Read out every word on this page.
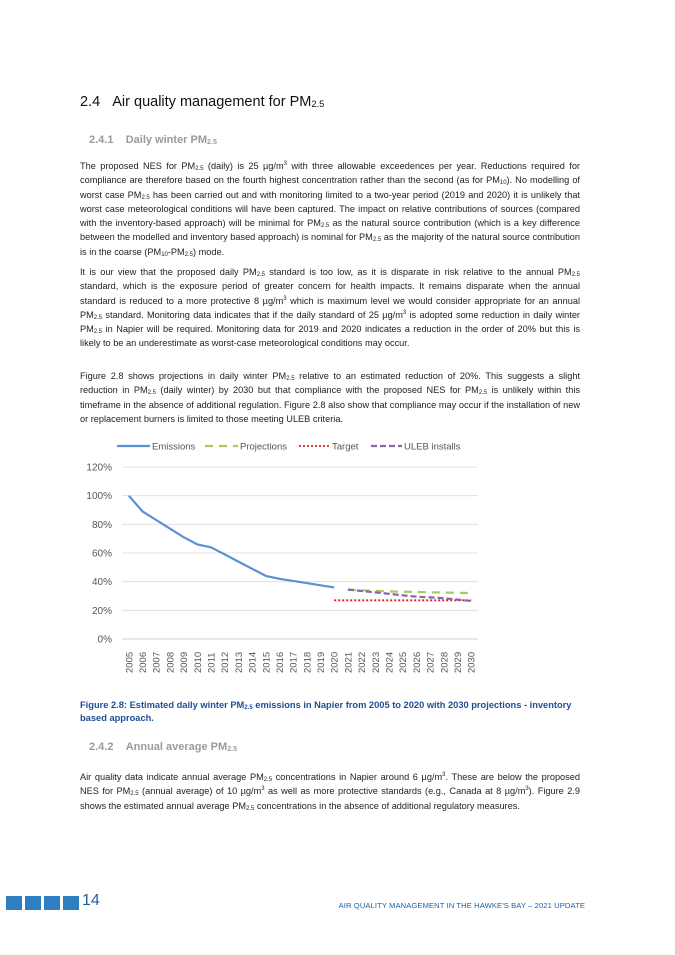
2.4 Air quality management for $PM_{2.5}$
2.4.1 Daily winter $PM_{2.5}$

The proposed NES for $PM_{2.5}$ (daily) is 25 $\mu g/m^3$ with three allowable exceedences per year. Reductions required for compliance are therefore based on the fourth highest concentration rather than the second (as for $PM_{10}$). No modelling of worst case $PM_{2.5}$ has been carried out and with monitoring limited to a two-year period (2019 and 2020) it is unlikely that worst case meteorological conditions will have been captured. The impact on relative contributions of sources (compared with the inventory-based approach) will be minimal for $PM_{2.5}$ as the natural source contribution (which is a key difference between the modelled and inventory based approach) is nominal for $PM_{2.5}$ as the majority of the natural source contribution is in the coarse $(PM_{10}-PM_{2.5})$ mode.

It is our view that the proposed daily $PM_{2.5}$ standard is too low, as it is disparate in risk relative to the annual $PM_{2.5}$ standard, which is the exposure period of greater concern for health impacts. It remains disparate when the annual standard is reduced to a more protective 8 $\mu g/m^3$ which is maximum level we would consider appropriate for an annual $PM_{2.5}$ standard. Monitoring data indicates that if the daily standard of 25 $\mu g/m^3$ is adopted some reduction in daily winter $PM_{2.5}$ in Napier will be required. Monitoring data for 2019 and 2020 indicates a reduction in the order of 20% but this is likely to be an underestimate as worst-case meteorological conditions may occur.

Figure 2.8 shows projections in daily winter $PM_{2.5}$ relative to an estimated reduction of 20%. This suggests a slight reduction in $PM_{2.5}$ (daily winter) by 2030 but that compliance with the proposed NES for $PM_{2.5}$ is unlikely within this timeframe in the absence of additional regulation. Figure 2.8 also show that compliance may occur if the installation of new or replacement burners is limited to those meeting ULEB criteria.

0%
20%
40%
60%
80%
100%
120%
2005 2006 2007 2008 2009 2010 2011 2012 2013 2014 2015 2016 2017 2018 2019 2020 2021 2022 2023 2024 2025 2026 2027 2028 2029 2030
Emissions	Projections	Target	ULEB installs

Figure 2.8: Estimated daily winter $PM_{2.5}$ emissions in Napier from 2005 to 2020 with 2030 projections - inventory based approach.

2.4.2 Annual average $PM_{2.5}$

Air quality data indicate annual average $PM_{2.5}$ concentrations in Napier around 6 $\mu g/m^3$. These are below the proposed NES for $PM_{2.5}$ (annual average) of 10 $\mu g/m^3$ as well as more protective standards (e.g., Canada at 8 $\mu g/m^3$). Figure 2.9 shows the estimated annual average $PM_{2.5}$ concentrations in the absence of additional regulatory measures.

14	AIR QUALITY MANAGEMENT IN THE HAWKE'S BAY – 2021 UPDATE
